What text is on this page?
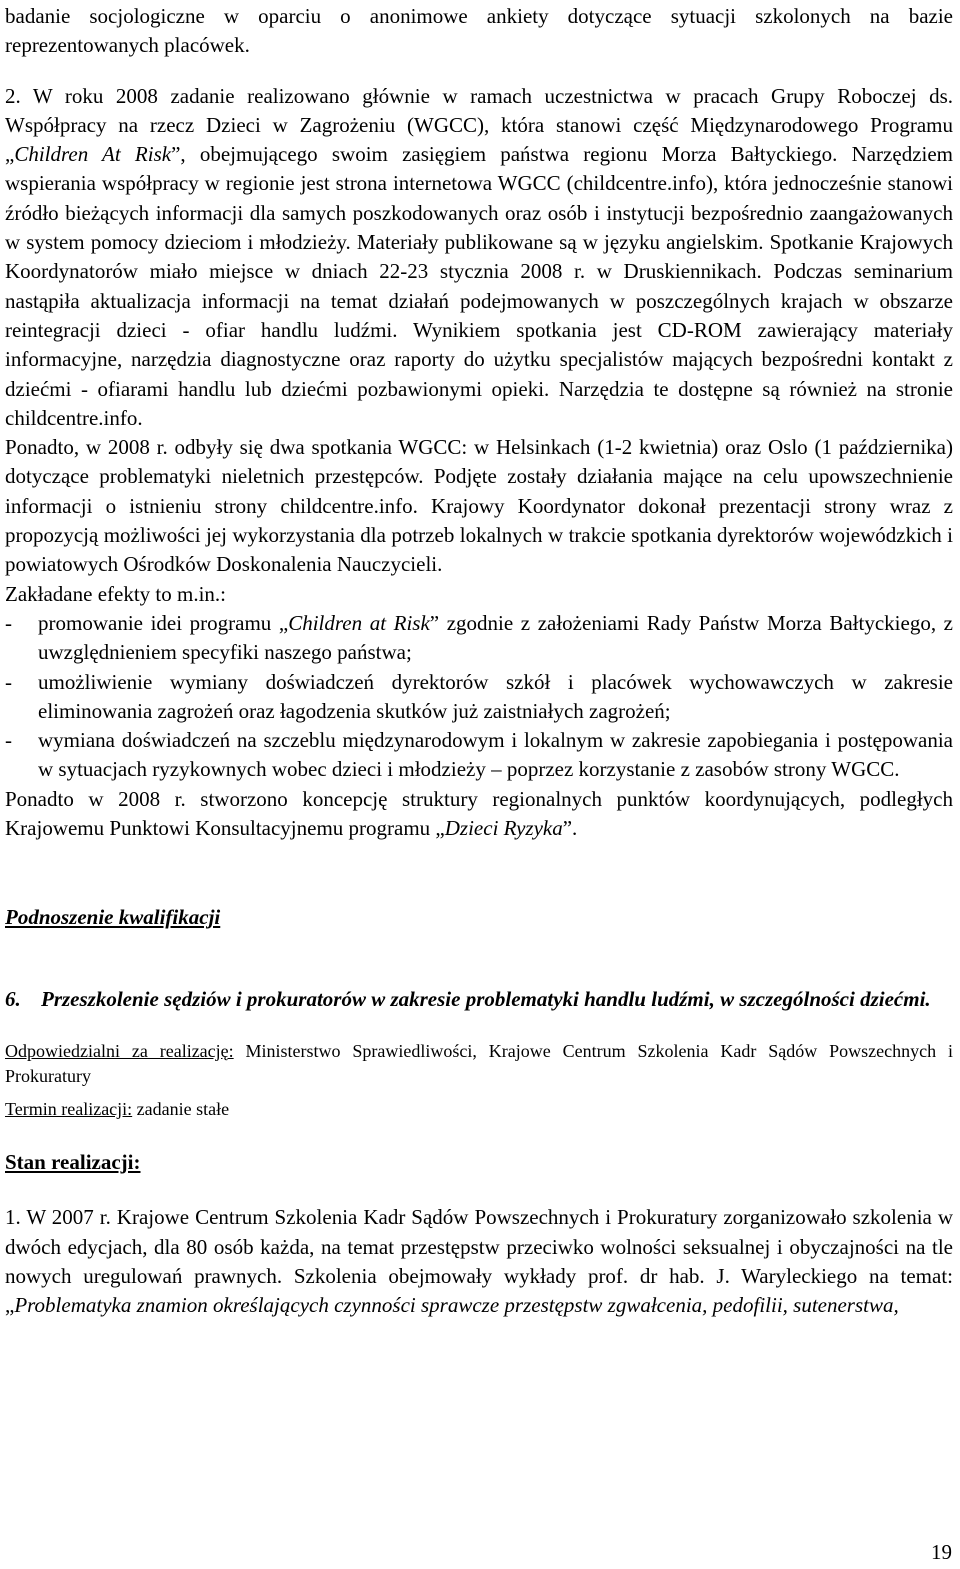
badanie socjologiczne w oparciu o anonimowe ankiety dotyczące sytuacji szkolonych na bazie reprezentowanych placówek.

2. W roku 2008 zadanie realizowano głównie w ramach uczestnictwa w pracach Grupy Roboczej ds. Współpracy na rzecz Dzieci w Zagrożeniu (WGCC), która stanowi część Międzynarodowego Programu „Children At Risk”, obejmującego swoim zasięgiem państwa regionu Morza Bałtyckiego. Narzędziem wspierania współpracy w regionie jest strona internetowa WGCC (childcentre.info), która jednocześnie stanowi źródło bieżących informacji dla samych poszkodowanych oraz osób i instytucji bezpośrednio zaangażowanych w system pomocy dzieciom i młodzieży. Materiały publikowane są w języku angielskim. Spotkanie Krajowych Koordynatorów miało miejsce w dniach 22-23 stycznia 2008 r. w Druskiennikach. Podczas seminarium nastąpiła aktualizacja informacji na temat działań podejmowanych w poszczególnych krajach w obszarze reintegracji dzieci - ofiar handlu ludźmi. Wynikiem spotkania jest CD-ROM zawierający materiały informacyjne, narzędzia diagnostyczne oraz raporty do użytku specjalistów mających bezpośredni kontakt z dziećmi - ofiarami handlu lub dziećmi pozbawionymi opieki. Narzędzia te dostępne są również na stronie childcentre.info.

Ponadto, w 2008 r. odbyły się dwa spotkania WGCC: w Helsinkach (1-2 kwietnia) oraz Oslo (1 października) dotyczące problematyki nieletnich przestępców. Podjęte zostały działania mające na celu upowszechnienie informacji o istnieniu strony childcentre.info. Krajowy Koordynator dokonał prezentacji strony wraz z propozycją możliwości jej wykorzystania dla potrzeb lokalnych w trakcie spotkania dyrektorów wojewódzkich i powiatowych Ośrodków Doskonalenia Nauczycieli.

Zakładane efekty to m.in.:

-	promowanie idei programu „Children at Risk” zgodnie z założeniami Rady Państw Morza Bałtyckiego, z uwzględnieniem specyfiki naszego państwa;
-	umożliwienie wymiany doświadczeń dyrektorów szkół i placówek wychowawczych w zakresie eliminowania zagrożeń oraz łagodzenia skutków już zaistniałych zagrożeń;
-	wymiana doświadczeń na szczeblu międzynarodowym i lokalnym w zakresie zapobiegania i postępowania w sytuacjach ryzykownych wobec dzieci i młodzieży – poprzez korzystanie z zasobów strony WGCC.

Ponadto w 2008 r. stworzono koncepcję struktury regionalnych punktów koordynujących, podległych Krajowemu Punktowi Konsultacyjnemu programu „Dzieci Ryzyka”.

Podnoszenie kwalifikacji

6. Przeszkolenie sędziów i prokuratorów w zakresie problematyki handlu ludźmi, w szczególności dziećmi.

Odpowiedzialni za realizację: Ministerstwo Sprawiedliwości, Krajowe Centrum Szkolenia Kadr Sądów Powszechnych i Prokuratury

Termin realizacji: zadanie stałe

Stan realizacji:

1. W 2007 r. Krajowe Centrum Szkolenia Kadr Sądów Powszechnych i Prokuratury zorganizowało szkolenia w dwóch edycjach, dla 80 osób każda, na temat przestępstw przeciwko wolności seksualnej i obyczajności na tle nowych uregulowań prawnych. Szkolenia obejmowały wykłady prof. dr hab. J. Waryleckiego na temat: „Problematyka znamion określających czynności sprawcze przestępstw zgwałcenia, pedofilii, sutenerstwa,

19
